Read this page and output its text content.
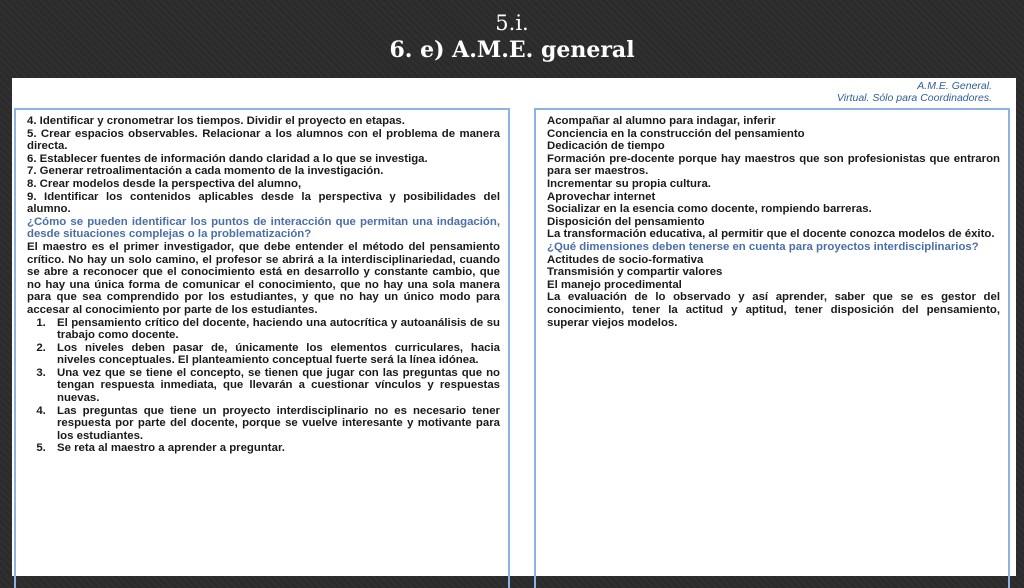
5.i.
6. e) A.M.E. general
A.M.E. General.
Virtual. Sólo para Coordinadores.

4. Identificar y cronometrar los tiempos. Dividir el proyecto en etapas.

5. Crear espacios observables. Relacionar a los alumnos con el problema de manera directa.

6. Establecer fuentes de información dando claridad a lo que se investiga.

7. Generar retroalimentación a cada momento de la investigación.

8. Crear modelos desde la perspectiva del alumno,

9. Identificar los contenidos aplicables desde la perspectiva y posibilidades del alumno.

¿Cómo se pueden identificar los puntos de interacción que permitan una indagación, desde situaciones complejas o la problematización?

El maestro es el primer investigador, que debe entender el método del pensamiento crítico. No hay un solo camino, el profesor se abrirá a la interdisciplinariedad, cuando se abre a reconocer que el conocimiento está en desarrollo y constante cambio, que no hay una única forma de comunicar el conocimiento, que no hay una sola manera para que sea comprendido por los estudiantes, y que no hay un único modo para accesar al conocimiento por parte de los estudiantes.

1. El pensamiento crítico del docente, haciendo una autocrítica y autoanálisis de su trabajo como docente.
2. Los niveles deben pasar de, únicamente los elementos curriculares, hacia niveles conceptuales. El planteamiento conceptual fuerte será la línea idónea.
3. Una vez que se tiene el concepto, se tienen que jugar con las preguntas que no tengan respuesta inmediata, que llevarán a cuestionar vínculos y respuestas nuevas.
4. Las preguntas que tiene un proyecto interdisciplinario no es necesario tener respuesta por parte del docente, porque se vuelve interesante y motivante para los estudiantes.
5. Se reta al maestro a aprender a preguntar.

Acompañar al alumno para indagar, inferir

Conciencia en la construcción del pensamiento

Dedicación de tiempo

Formación pre-docente porque hay maestros que son profesionistas que entraron para ser maestros.

Incrementar su propia cultura.

Aprovechar internet

Socializar en la esencia como docente, rompiendo barreras.

Disposición del pensamiento

La transformación educativa, al permitir que el docente conozca modelos de éxito.

¿Qué dimensiones deben tenerse en cuenta para proyectos interdisciplinarios?

Actitudes de socio-formativa

Transmisión y compartir valores

El manejo procedimental

La evaluación de lo observado y así aprender, saber que se es gestor del conocimiento, tener la actitud y aptitud, tener disposición del pensamiento, superar viejos modelos.
